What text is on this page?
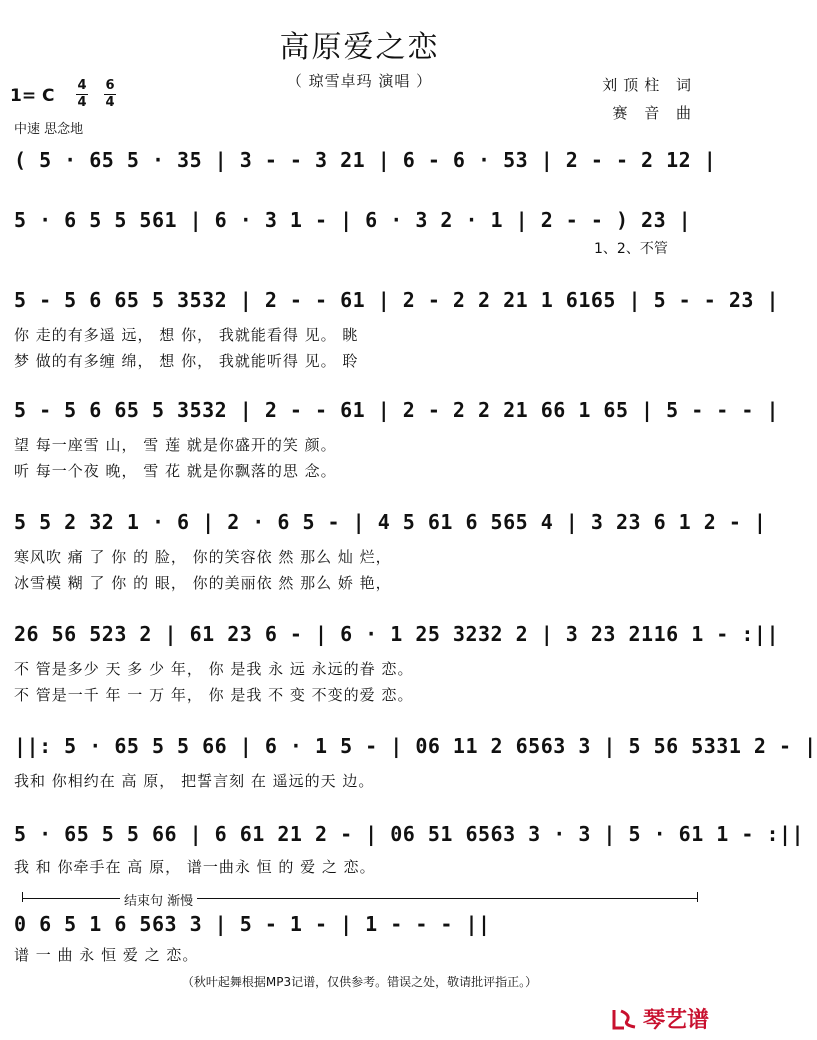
高原爱之恋
（ 琼雪卓玛 演唱 ）	刘顶柱 词
赛 音 曲
1= C
4
4
6
4
中速 思念地
( 5 · 65 5 · 35 | 3 - - 3 21 | 6 - 6 · 53 | 2 - - 2 12 |
5 · 6 5 5 561 | 6 · 3 1 - | 6 · 3 2 · 1 | 2 - - ) 23 |
1、2、不管
5 - 5 6 65 5 3532 | 2 - - 61 | 2 - 2 2 21 1 6165 | 5 - - 23 |
你 走的有多遥 远， 想 你， 我就能看得 见。 眺
梦 做的有多缠 绵， 想 你， 我就能听得 见。 聆
5 - 5 6 65 5 3532 | 2 - - 61 | 2 - 2 2 21 66 1 65 | 5 - - - |
望 每一座雪 山， 雪 莲 就是你盛开的笑 颜。
听 每一个夜 晚， 雪 花 就是你飘落的思 念。
5 5 2 32 1 · 6 | 2 · 6 5 - | 4 5 61 6 565 4 | 3 23 6 1 2 - |
寒风吹 痛 了 你 的 脸， 你的笑容依 然 那么 灿 烂，
冰雪模 糊 了 你 的 眼， 你的美丽依 然 那么 娇 艳，
26 56 523 2 | 61 23 6 - | 6 · 1 25 3232 2 | 3 23 2116 1 - :||
不 管是多少 天 多 少 年， 你 是我 永 远 永远的眷 恋。
不 管是一千 年 一 万 年， 你 是我 不 变 不变的爱 恋。
||: 5 · 65 5 5 66 | 6 · 1 5 - | 06 11 2 6563 3 | 5 56 5331 2 - |
我和 你相约在 高 原， 把誓言刻 在 遥远的天 边。
5 · 65 5 5 66 | 6 61 21 2 - | 06 51 6563 3 · 3 | 5 · 61 1 - :||
我 和 你牵手在 高 原， 谱一曲永 恒 的 爱 之 恋。
结束句 渐慢
0 6 5 1 6 563 3 | 5 - 1 - | 1 - - - ||
谱 一 曲 永 恒 爱 之 恋。
（秋叶起舞根据MP3记谱，仅供参考。错误之处，敬请批评指正。）
琴艺谱
